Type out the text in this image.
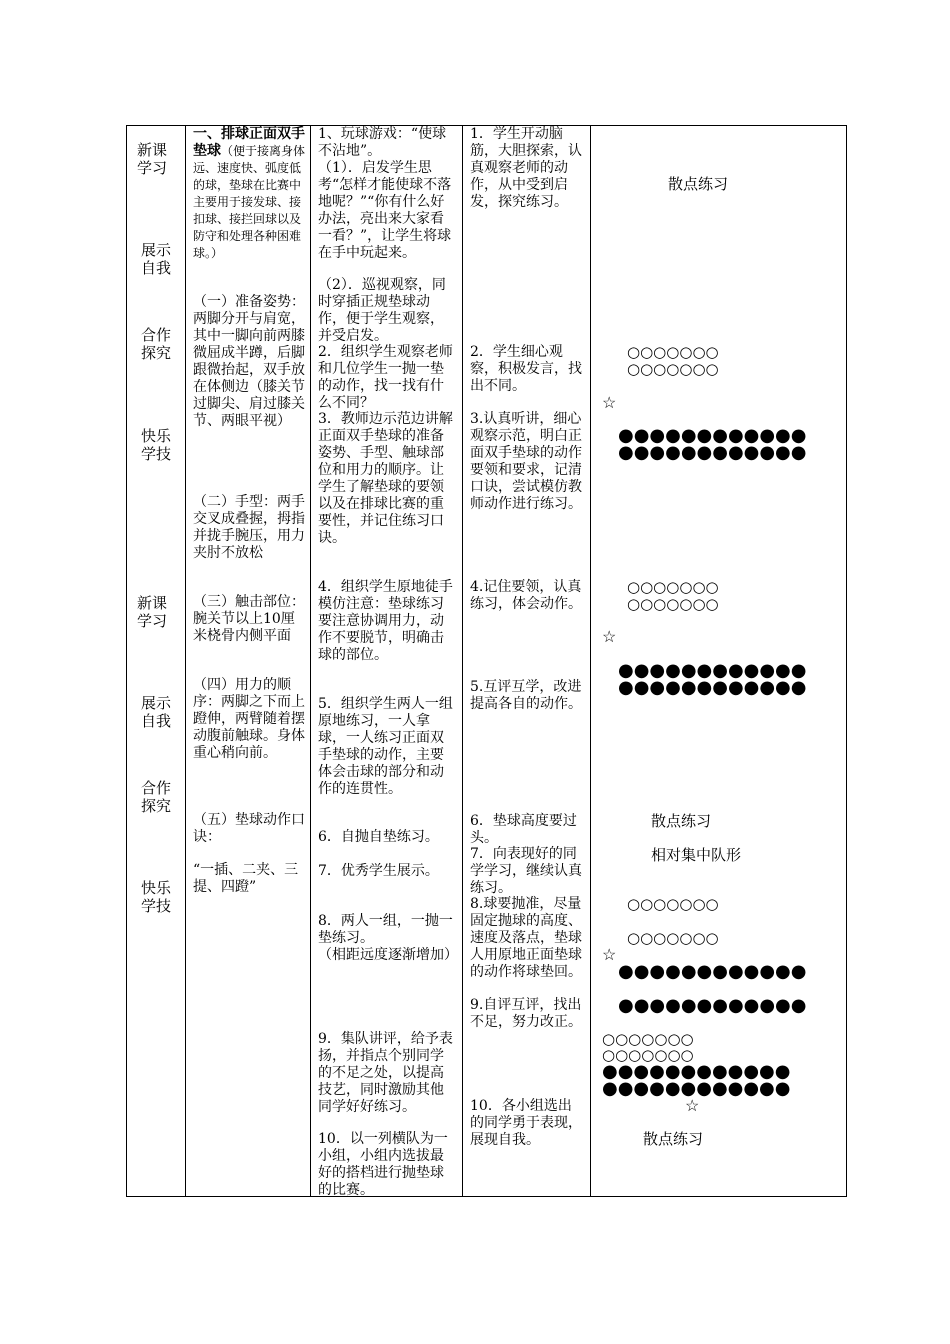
新课
学习
展示
自我
合作
探究
快乐
学技
新课
学习
展示
自我
合作
探究
快乐
学技
一、排球正面双手垫球（便于接离身体远、速度快、弧度低的球，垫球在比赛中主要用于接发球、接扣球、接拦回球以及防守和处理各种困难球。）
（一）准备姿势：两脚分开与肩宽，其中一脚向前两膝微屈成半蹲，后脚跟微抬起，双手放在体侧边（膝关节过脚尖、肩过膝关节、两眼平视）
（二）手型：两手交叉成叠握，拇指并拢手腕压，用力夹肘不放松
（三）触击部位：腕关节以上10厘米桡骨内侧平面
（四）用力的顺序：两脚之下而上蹬伸，两臂随着摆动腹前触球。身体重心稍向前。
（五）垫球动作口诀：
“一插、二夹、三提、四蹬”
1、玩球游戏：“使球不沾地”。
（1）．启发学生思考“怎样才能使球不落地呢？”“你有什么好办法，亮出来大家看一看？”，让学生将球在手中玩起来。
（2）．巡视观察，同时穿插正规垫球动作，便于学生观察，并受启发。
2．组织学生观察老师和几位学生一抛一垫的动作，找一找有什么不同？
3．教师边示范边讲解正面双手垫球的准备姿势、手型、触球部位和用力的顺序。让学生了解垫球的要领以及在排球比赛的重要性，并记住练习口诀。
4．组织学生原地徒手模仿注意：垫球练习要注意协调用力，动作不要脱节，明确击球的部位。
5．组织学生两人一组原地练习，一人拿球，一人练习正面双手垫球的动作，主要体会击球的部分和动作的连贯性。
6．自抛自垫练习。
7．优秀学生展示。
8．两人一组，一抛一垫练习。
（相距远度逐渐增加）
9．集队讲评，给予表扬，并指点个别同学的不足之处，以提高技艺，同时激励其他同学好好练习。
10．以一列横队为一小组，小组内选拔最好的搭档进行抛垫球的比赛。
1．学生开动脑筋，大胆探索，认真观察老师的动作，从中受到启发，探究练习。
2．学生细心观察，积极发言，找出不同。
3.认真听讲，细心观察示范，明白正面双手垫球的动作要领和要求，记清口诀，尝试模仿教师动作进行练习。
4.记住要领，认真练习，体会动作。
5.互评互学，改进提高各自的动作。
6．垫球高度要过头。
7．向表现好的同学学习，继续认真练习。
8.球要抛准，尽量固定抛球的高度、速度及落点，垫球人用原地正面垫球的动作将球垫回。
9.自评互评，找出不足，努力改正。
10．各小组选出的同学勇于表现，展现自我。
散点练习
○○○○○○○
○○○○○○○
☆
●●●●●●●●●●●●
●●●●●●●●●●●●
○○○○○○○
○○○○○○○
☆
●●●●●●●●●●●●
●●●●●●●●●●●●
散点练习
相对集中队形
○○○○○○○
○○○○○○○
☆
●●●●●●●●●●●●
●●●●●●●●●●●●
○○○○○○○
○○○○○○○
●●●●●●●●●●●●
●●●●●●●●●●●●
☆
散点练习
